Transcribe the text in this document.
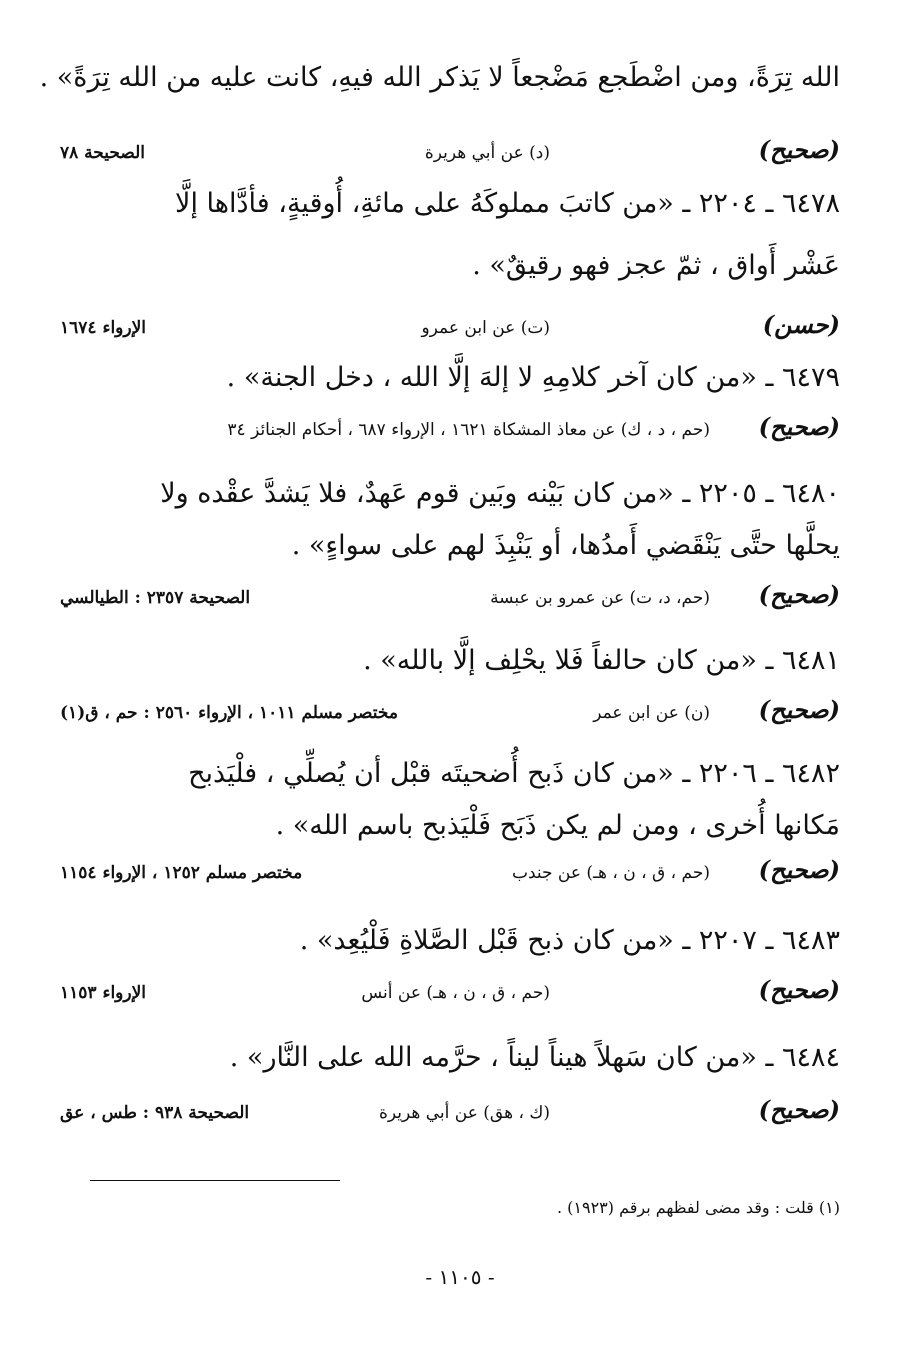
الله تِرَةً، ومن اضْطَجع مَضْجعاً لا يَذكر الله فيهِ، كانت عليه من الله تِرَةً» .
( صحيح )
(د) عن أبي هريرة
الصحيحة ٧٨
٦٤٧٨ ـ ٢٢٠٤ ـ «من كاتبَ مملوكَهُ على مائةِ، أُوقيةٍ، فأدَّاها إلَّا
عَشْر أَواق ، ثمّ عجز فهو رقيقٌ» .
( حسن )
(ت) عن ابن عمرو
الإرواء ١٦٧٤
٦٤٧٩ ـ «من كان آخر كلامِهِ لا إلهَ إلَّا الله ، دخل الجنة» .
( صحيح )
(حم ، د ، ك) عن معاذ المشكاة ١٦٢١ ، الإرواء ٦٨٧ ، أحكام الجنائز ٣٤
٦٤٨٠ ـ ٢٢٠٥ ـ «من كان بَيْنه وبَين قوم عَهدٌ، فلا يَشدَّ عقْده ولا
يحلَّها حتَّى يَنْقَضي أَمدُها، أو يَنْبِذَ لهم على سواءٍ» .
( صحيح )
(حم، د، ت) عن عمرو بن عبسة
الصحيحة ٢٣٥٧ : الطيالسي
٦٤٨١ ـ «من كان حالفاً فَلا يحْلِف إلَّا بالله» .
( صحيح )
(ن) عن ابن عمر
مختصر مسلم ١٠١١ ، الإرواء ٢٥٦٠ : حم ، ق(١)
٦٤٨٢ ـ ٢٢٠٦ ـ «من كان ذَبح أُضحيتَه قبْل أن يُصلِّي ، فلْيَذبح
مَكانها أُخرى ، ومن لم يكن ذَبَح فَلْيَذبح باسم الله» .
( صحيح )
(حم ، ق ، ن ، هـ) عن جندب
مختصر مسلم ١٢٥٢ ، الإرواء ١١٥٤
٦٤٨٣ ـ ٢٢٠٧ ـ «من كان ذبح قَبْل الصَّلاةِ فَلْيُعِد» .
( صحيح )
(حم ، ق ، ن ، هـ) عن أنس
الإرواء ١١٥٣
٦٤٨٤ ـ «من كان سَهلاً هيناً ليناً ، حرَّمه الله على النَّار» .
( صحيح )
(ك ، هق) عن أبي هريرة
الصحيحة ٩٣٨ : طس ، عق
(١) قلت : وقد مضى لفظهم برقم (١٩٢٣) .
- ١١٠٥ -
